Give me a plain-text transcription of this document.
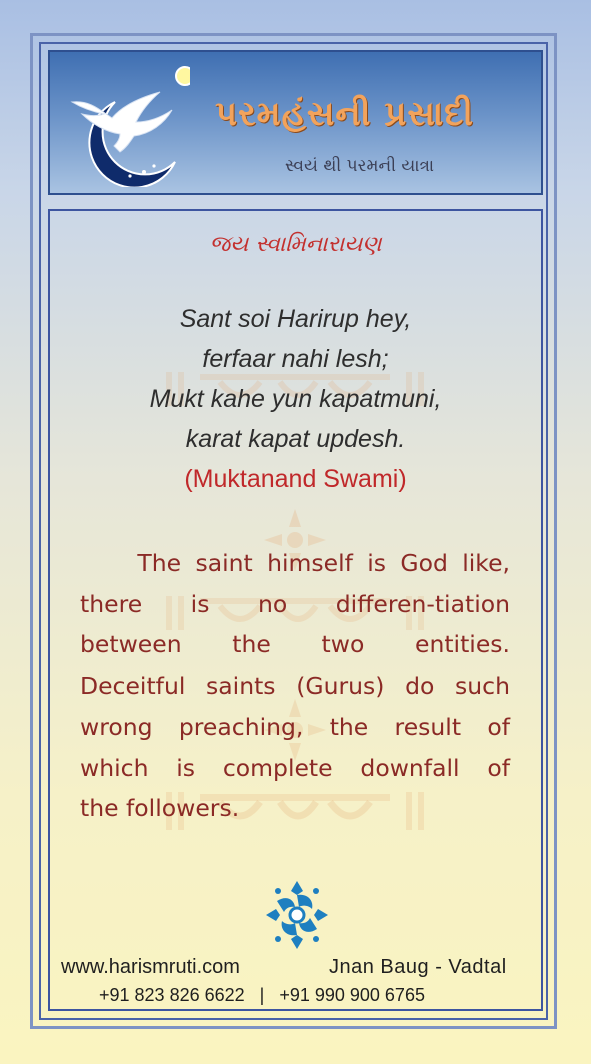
પરમહંસની પ્રસાદી
સ્વયં થી પરમની યાત્રા
જય સ્વામિનારાયણ
Sant soi Harirup hey,
ferfaar nahi lesh;
Mukt kahe yun kapatmuni,
karat kapat updesh.
(Muktanand Swami)
The saint himself is God like,
there is no differen-tiation
between the two entities.
Deceitful saints (Gurus) do such
wrong preaching, the result of
which is complete downfall of
the followers.
www.harismruti.com	Jnan Baug - Vadtal
+91 823 826 6622   |   +91 990 900 6765
